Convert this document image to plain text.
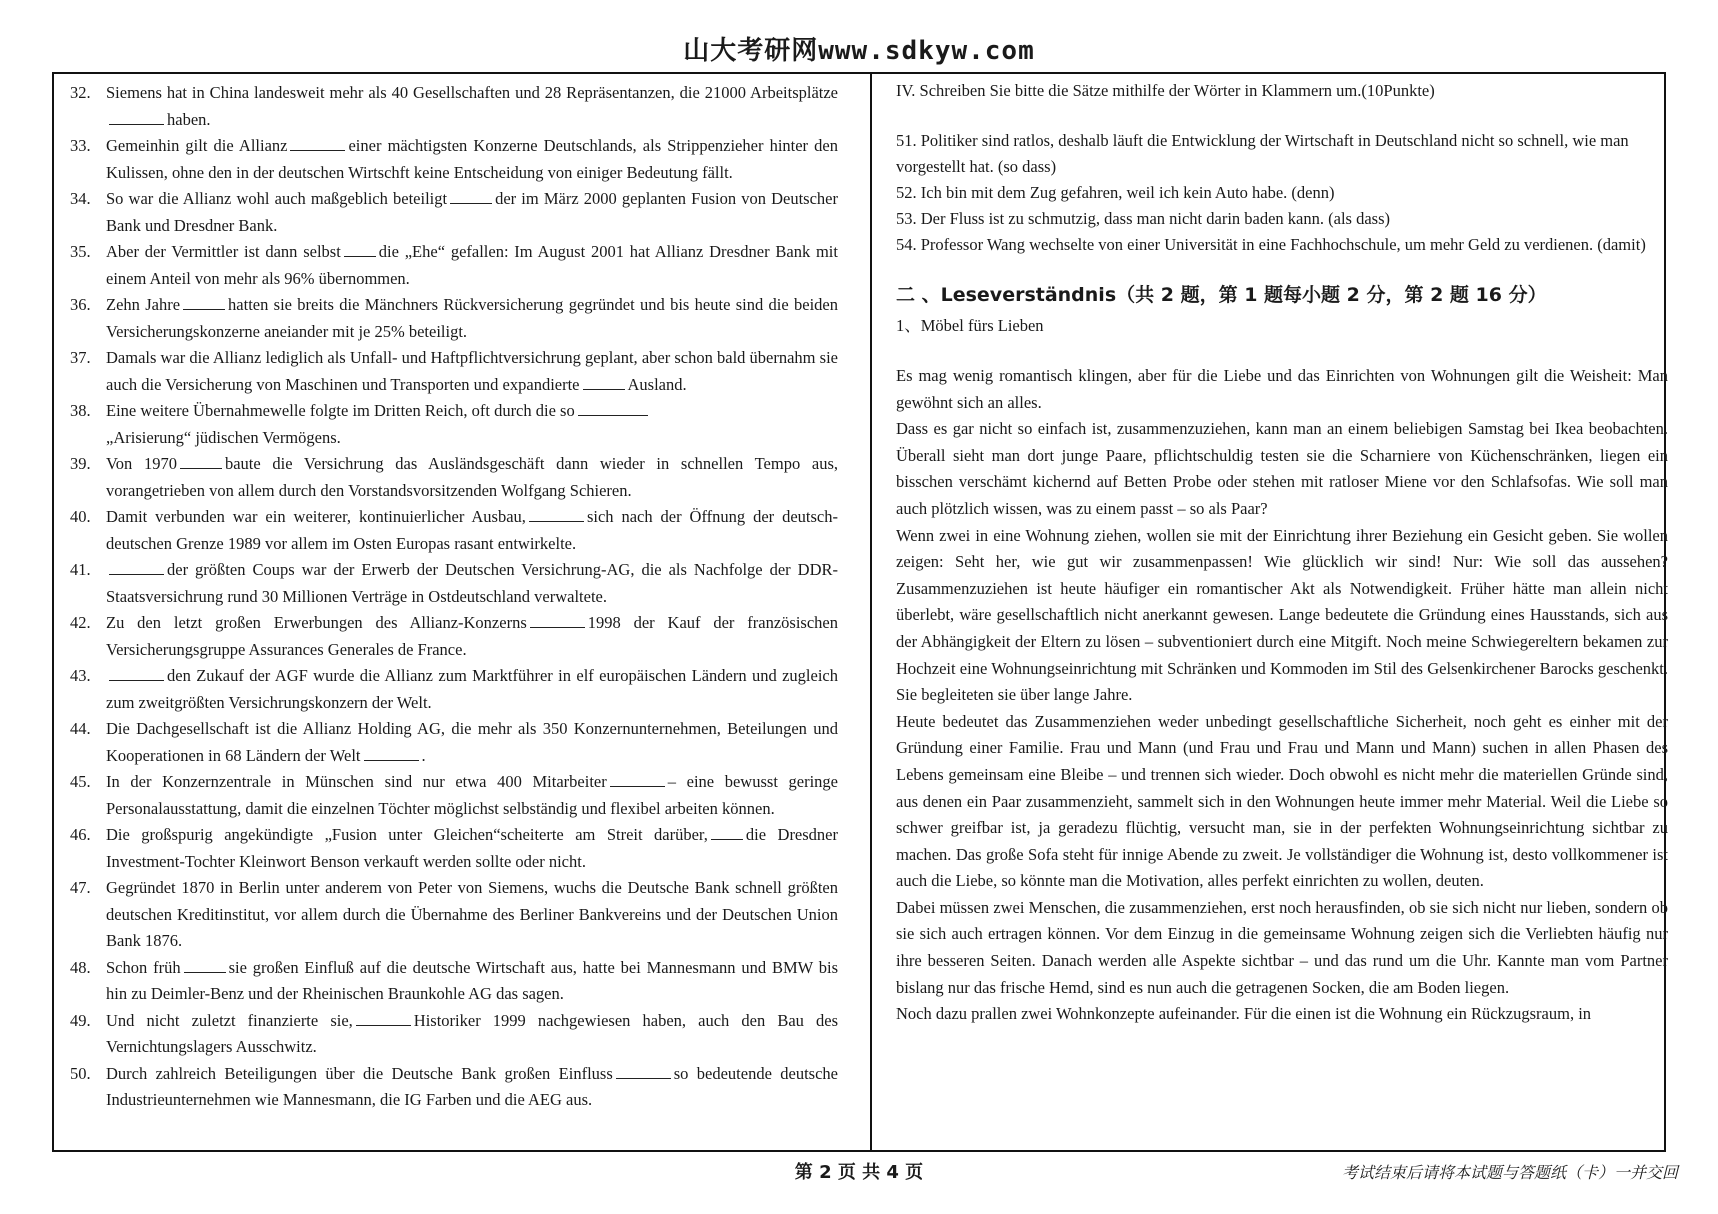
山大考研网www.sdkyw.com
32. Siemens hat in China landesweit mehr als 40 Gesellschaften und 28 Repräsentanzen, die 21000 Arbeitsplätzehaben.
33. Gemeinhin gilt die Allianz	einer mächtigsten Konzerne Deutschlands, als Strippenzieher hinter den Kulissen, ohne den in der deutschen Wirtschft keine Entscheidung von einiger Bedeutung fällt.
34. So war die Allianz wohl auch maßgeblich beteiligt	der im März 2000 geplanten Fusion von Deutscher Bank und Dresdner Bank.
35. Aber der Vermittler ist dann selbst die „Ehe“ gefallen: Im August 2001 hat Allianz Dresdner Bank mit einem Anteil von mehr als 96% übernommen.
36. Zehn Jahre	hatten sie breits die Mänchners Rückversicherung gegründet und bis heute sind die beiden Versicherungskonzerne aneiander mit je 25% beteiligt.
37. Damals war die Allianz lediglich als Unfall- und Haftpflichtversichrung geplant, aber schon bald übernahm sie auch die Versicherung von Maschinen und Transporten und expandierte	Ausland.
38. Eine weitere Übernahmewelle folgte im Dritten Reich, oft durch die so
„Arisierung“ jüdischen Vermögens.
39. Von 1970	baute die Versichrung das Ausländsgeschäft dann wieder in schnellen Tempo aus, vorangetrieben von allem durch den Vorstandsvorsitzenden Wolfgang Schieren.
40. Damit verbunden war ein weiterer, kontinuierlicher Ausbau,	sich nach der Öffnung der deutsch-deutschen Grenze 1989 vor allem im Osten Europas rasant entwirkelte.
41.	der größten Coups war der Erwerb der Deutschen Versichrung-AG, die als Nachfolge der DDR-Staatsversichrung rund 30 Millionen Verträge in Ostdeutschland verwaltete.
42. Zu den letzt großen Erwerbungen des Allianz-Konzerns	1998 der Kauf der französischen Versicherungsgruppe Assurances Generales de France.
43.	den Zukauf der AGF wurde die Allianz zum Marktführer in elf europäischen Ländern und zugleich zum zweitgrößten Versichrungskonzern der Welt.
44. Die Dachgesellschaft ist die Allianz Holding AG, die mehr als 350 Konzernunternehmen, Beteilungen und Kooperationen in 68 Ländern der Welt	.
45. In der Konzernzentrale in Münschen sind nur etwa 400 Mitarbeiter	– eine bewusst geringe Personalausstattung, damit die einzelnen Töchter möglichst selbständig und flexibel arbeiten können.
46. Die großspurig angekündigte „Fusion unter Gleichen“scheiterte am Streit darüber, die Dresdner Investment-Tochter Kleinwort Benson verkauft werden sollte oder nicht.
47. Gegründet 1870 in Berlin unter anderem von Peter von Siemens, wuchs die Deutsche Bank schnell größten deutschen Kreditinstitut, vor allem durch die Übernahme des Berliner Bankvereins und der Deutschen Union Bank 1876.
48. Schon früh	sie großen Einfluß auf die deutsche Wirtschaft aus, hatte bei Mannesmann und BMW bis hin zu Deimler-Benz und der Rheinischen Braunkohle AG das sagen.
49. Und nicht zuletzt finanzierte sie,	Historiker 1999 nachgewiesen haben, auch den Bau des Vernichtungslagers Ausschwitz.
50. Durch zahlreich Beteiligungen über die Deutsche Bank großen Einfluss	so bedeutende deutsche Industrieunternehmen wie Mannesmann, die IG Farben und die AEG aus.
IV. Schreiben Sie bitte die Sätze mithilfe der Wörter in Klammern um.(10Punkte)
51. Politiker sind ratlos, deshalb läuft die Entwicklung der Wirtschaft in Deutschland nicht so schnell, wie man vorgestellt hat. (so dass)
52. Ich bin mit dem Zug gefahren, weil ich kein Auto habe. (denn)
53. Der Fluss ist zu schmutzig, dass man nicht darin baden kann. (als dass)
54. Professor Wang wechselte von einer Universität in eine Fachhochschule, um mehr Geld zu verdienen. (damit)
二 、Leseverständnis（共 2 题，第 1 题每小题 2 分，第 2 题 16 分）
1、Möbel fürs Lieben
Es mag wenig romantisch klingen, aber für die Liebe und das Einrichten von Wohnungen gilt die Weisheit: Man gewöhnt sich an alles.
Dass es gar nicht so einfach ist, zusammenzuziehen, kann man an einem beliebigen Samstag bei Ikea beobachten. Überall sieht man dort junge Paare, pflichtschuldig testen sie die Scharniere von Küchenschränken, liegen ein bisschen verschämt kichernd auf Betten Probe oder stehen mit ratloser Miene vor den Schlafsofas. Wie soll man auch plötzlich wissen, was zu einem passt – so als Paar?
Wenn zwei in eine Wohnung ziehen, wollen sie mit der Einrichtung ihrer Beziehung ein Gesicht geben. Sie wollen zeigen: Seht her, wie gut wir zusammenpassen! Wie glücklich wir sind! Nur: Wie soll das aussehen? Zusammenzuziehen ist heute häufiger ein romantischer Akt als Notwendigkeit. Früher hätte man allein nicht überlebt, wäre gesellschaftlich nicht anerkannt gewesen. Lange bedeutete die Gründung eines Hausstands, sich aus der Abhängigkeit der Eltern zu lösen – subventioniert durch eine Mitgift. Noch meine Schwiegereltern bekamen zur Hochzeit eine Wohnungseinrichtung mit Schränken und Kommoden im Stil des Gelsenkirchener Barocks geschenkt. Sie begleiteten sie über lange Jahre.
Heute bedeutet das Zusammenziehen weder unbedingt gesellschaftliche Sicherheit, noch geht es einher mit der Gründung einer Familie. Frau und Mann (und Frau und Frau und Mann und Mann) suchen in allen Phasen des Lebens gemeinsam eine Bleibe – und trennen sich wieder. Doch obwohl es nicht mehr die materiellen Gründe sind, aus denen ein Paar zusammenzieht, sammelt sich in den Wohnungen heute immer mehr Material. Weil die Liebe so schwer greifbar ist, ja geradezu flüchtig, versucht man, sie in der perfekten Wohnungseinrichtung sichtbar zu machen. Das große Sofa steht für innige Abende zu zweit. Je vollständiger die Wohnung ist, desto vollkommener ist auch die Liebe, so könnte man die Motivation, alles perfekt einrichten zu wollen, deuten.
Dabei müssen zwei Menschen, die zusammenziehen, erst noch herausfinden, ob sie sich nicht nur lieben, sondern ob sie sich auch ertragen können. Vor dem Einzug in die gemeinsame Wohnung zeigen sich die Verliebten häufig nur ihre besseren Seiten. Danach werden alle Aspekte sichtbar – und das rund um die Uhr. Kannte man vom Partner bislang nur das frische Hemd, sind es nun auch die getragenen Socken, die am Boden liegen.
Noch dazu prallen zwei Wohnkonzepte aufeinander. Für die einen ist die Wohnung ein Rückzugsraum, in
第 2 页 共 4 页	考试结束后请将本试题与答题纸（卡）一并交回
